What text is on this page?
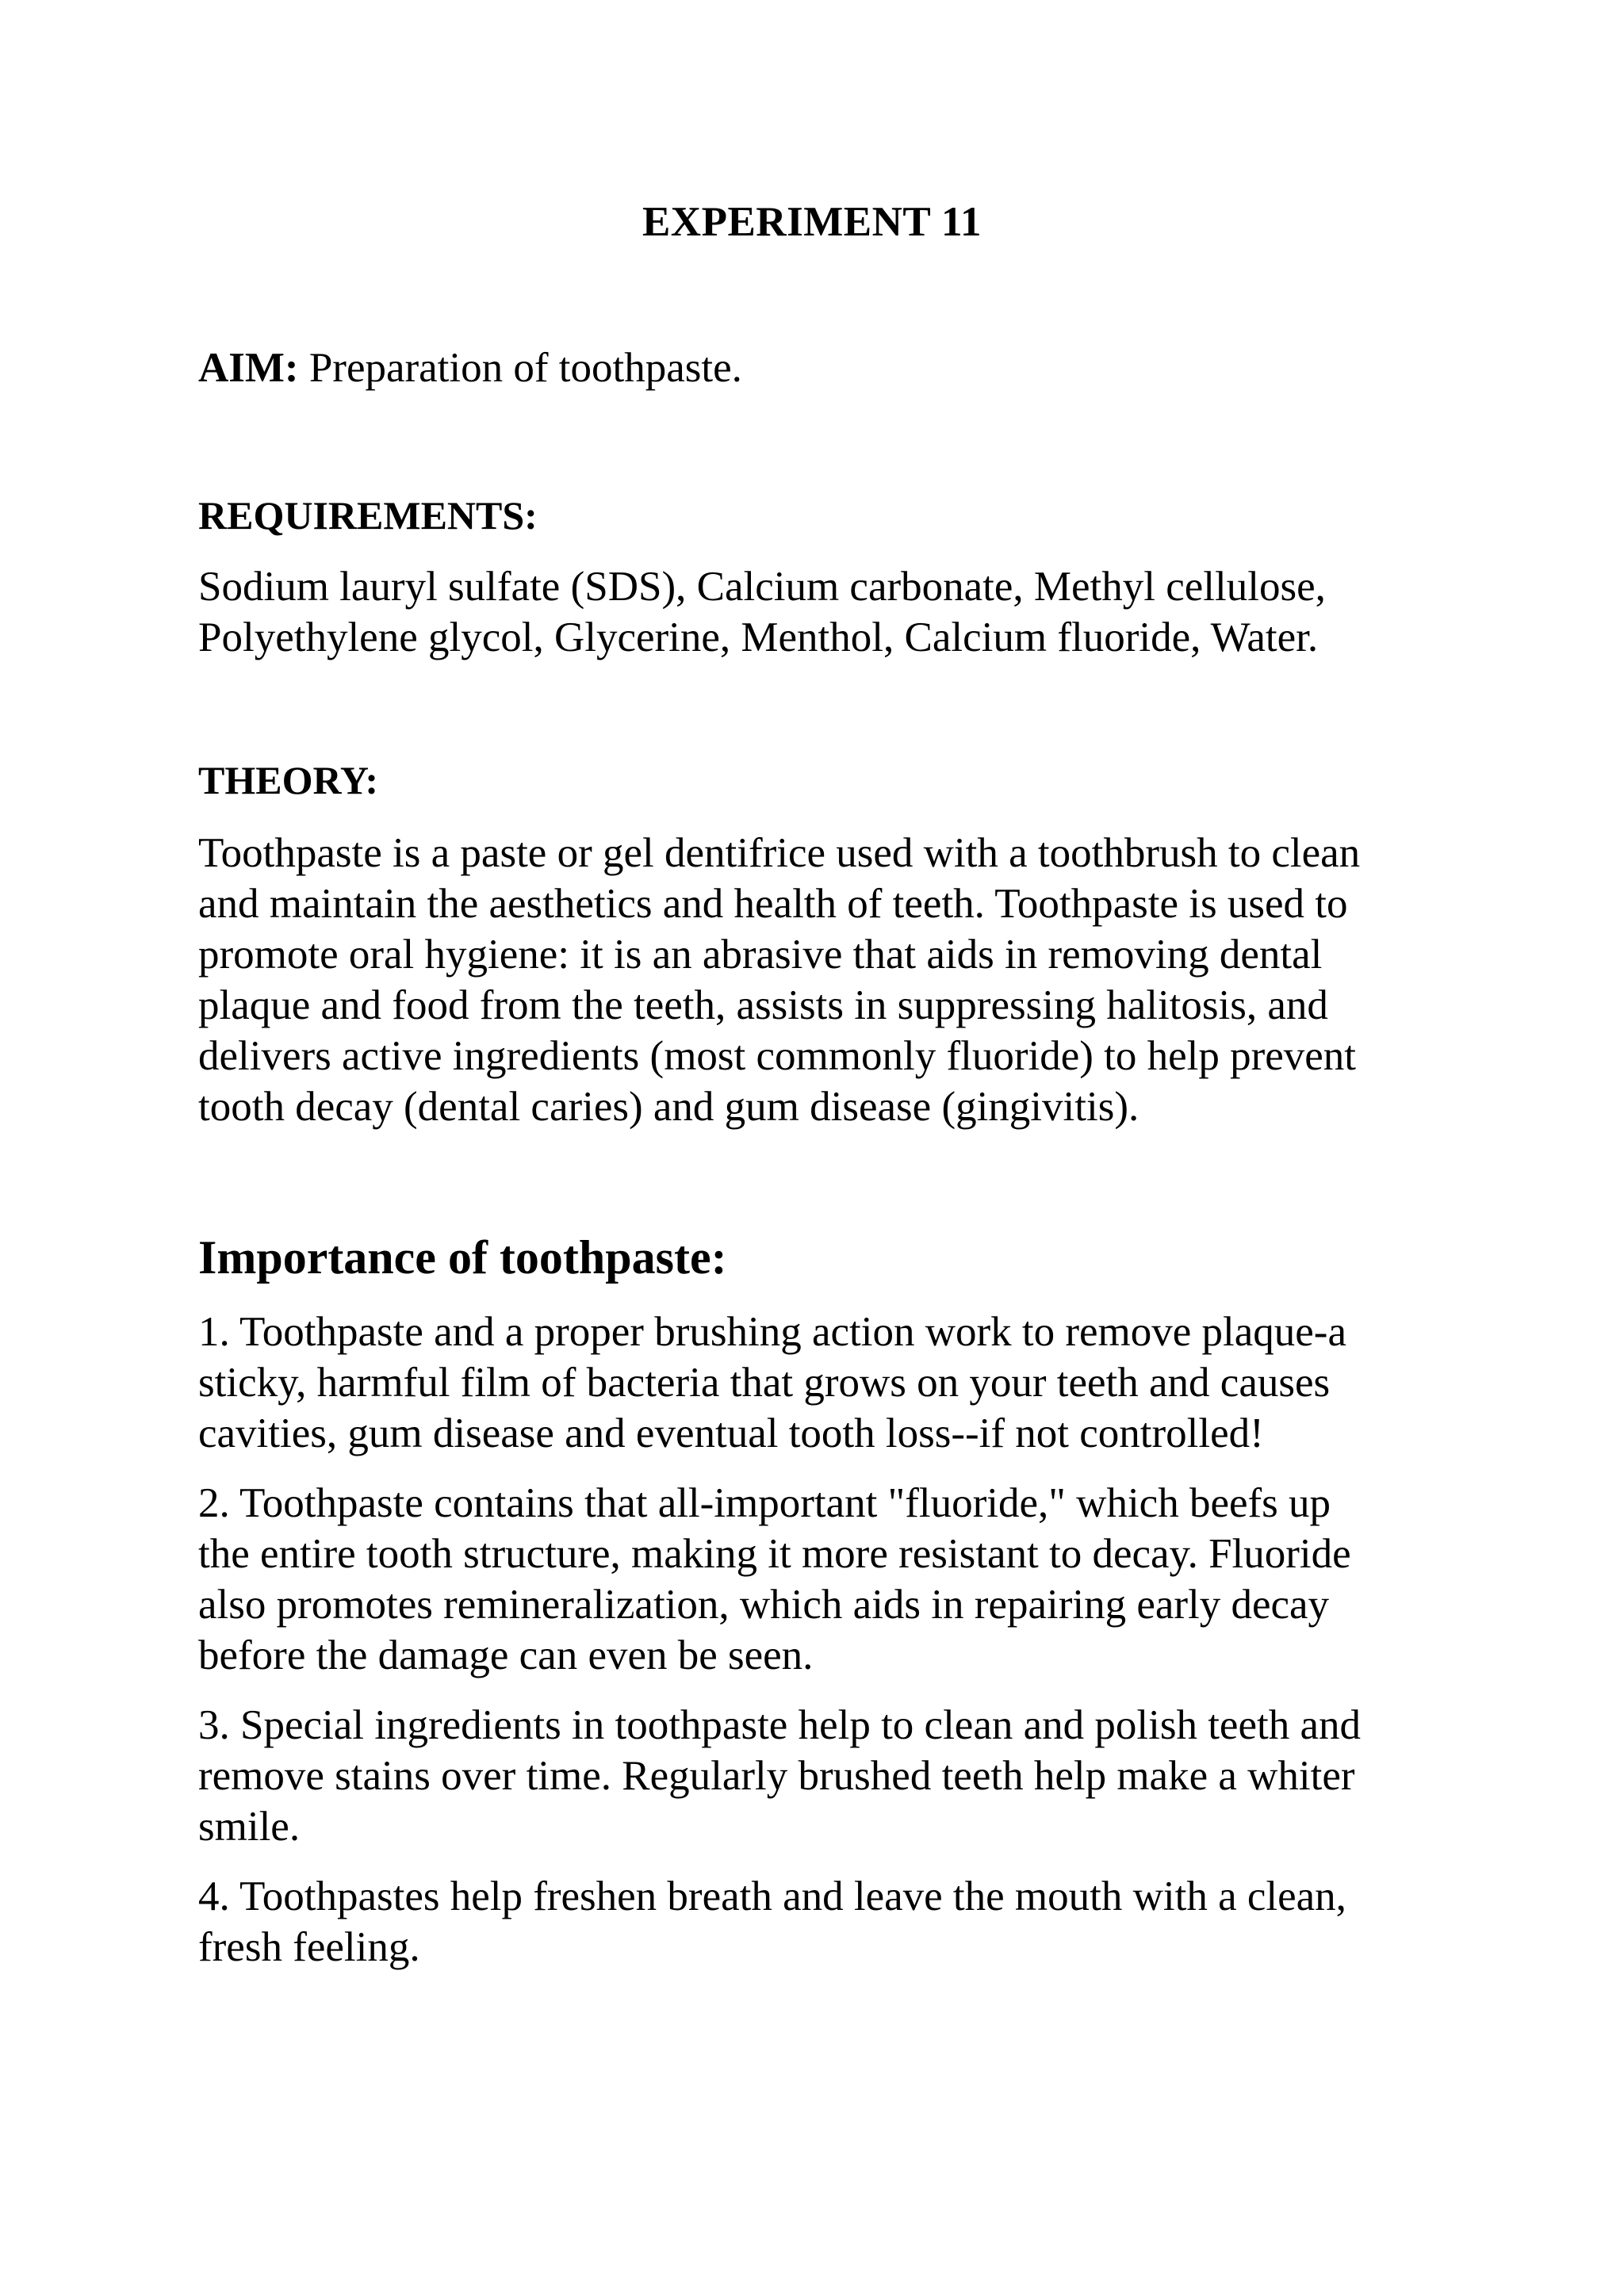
EXPERIMENT 11
AIM: Preparation of toothpaste.
REQUIREMENTS:
Sodium lauryl sulfate (SDS), Calcium carbonate, Methyl cellulose,
Polyethylene glycol, Glycerine, Menthol, Calcium fluoride, Water.
THEORY:
Toothpaste is a paste or gel dentifrice used with a toothbrush to clean
and maintain the aesthetics and health of teeth. Toothpaste is used to
promote oral hygiene: it is an abrasive that aids in removing dental
plaque and food from the teeth, assists in suppressing halitosis, and
delivers active ingredients (most commonly fluoride) to help prevent
tooth decay (dental caries) and gum disease (gingivitis).
Importance of toothpaste:
1. Toothpaste and a proper brushing action work to remove plaque-a
sticky, harmful film of bacteria that grows on your teeth and causes
cavities, gum disease and eventual tooth loss--if not controlled!
2. Toothpaste contains that all-important "fluoride," which beefs up
the entire tooth structure, making it more resistant to decay. Fluoride
also promotes remineralization, which aids in repairing early decay
before the damage can even be seen.
3. Special ingredients in toothpaste help to clean and polish teeth and
remove stains over time. Regularly brushed teeth help make a whiter
smile.
4. Toothpastes help freshen breath and leave the mouth with a clean,
fresh feeling.
